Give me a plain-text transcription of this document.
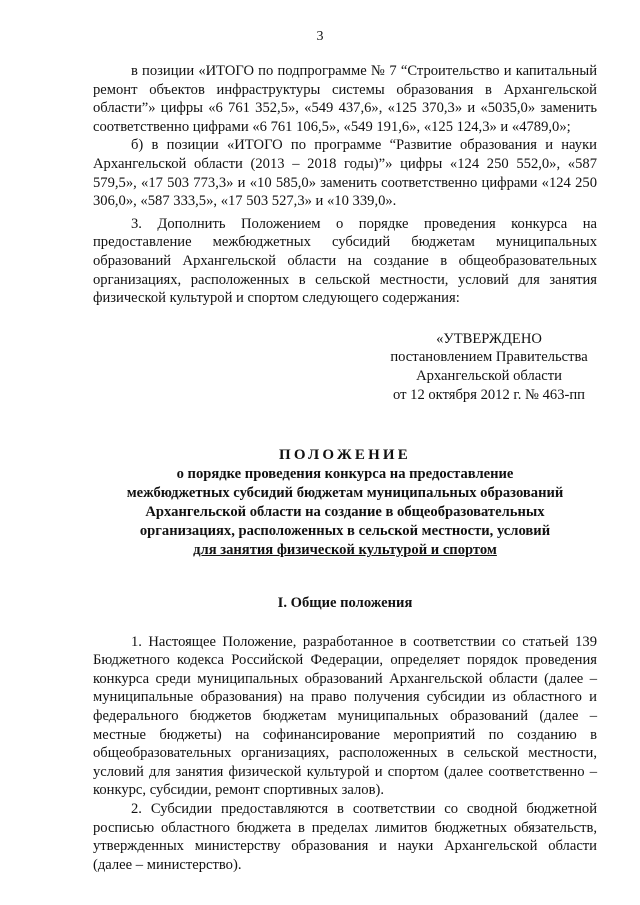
3

в позиции «ИТОГО по подпрограмме № 7 “Строительство и капитальный ремонт объектов инфраструктуры системы образования в Архангельской области”» цифры «6 761 352,5», «549 437,6», «125 370,3» и «5035,0» заменить соответственно цифрами «6 761 106,5», «549 191,6», «125 124,3» и «4789,0»;

б) в позиции «ИТОГО по программе “Развитие образования и науки Архангельской области (2013 – 2018 годы)”» цифры «124 250 552,0», «587 579,5», «17 503 773,3» и «10 585,0» заменить соответственно цифрами «124 250 306,0», «587 333,5», «17 503 527,3» и «10 339,0».

3. Дополнить Положением о порядке проведения конкурса на предоставление межбюджетных субсидий бюджетам муниципальных образований Архангельской области на создание в общеобразовательных организациях, расположенных в сельской местности, условий для занятия физической культурой и спортом следующего содержания:

«УТВЕРЖДЕНО
постановлением Правительства
Архангельской области
от 12 октября 2012 г. № 463-пп
ПОЛОЖЕНИЕ
о порядке проведения конкурса на предоставление
межбюджетных субсидий бюджетам муниципальных образований
Архангельской области на создание в общеобразовательных
организациях, расположенных в сельской местности, условий
для занятия физической культурой и спортом
I. Общие положения

1. Настоящее Положение, разработанное в соответствии со статьей 139 Бюджетного кодекса Российской Федерации, определяет порядок проведения конкурса среди муниципальных образований Архангельской области (далее – муниципальные образования) на право получения субсидии из областного и федерального бюджетов бюджетам муниципальных образований (далее – местные бюджеты) на софинансирование мероприятий по созданию в общеобразовательных организациях, расположенных в сельской местности, условий для занятия физической культурой и спортом (далее соответственно – конкурс, субсидии, ремонт спортивных залов).

2. Субсидии предоставляются в соответствии со сводной бюджетной росписью областного бюджета в пределах лимитов бюджетных обязательств, утвержденных министерству образования и науки Архангельской области (далее – министерство).
